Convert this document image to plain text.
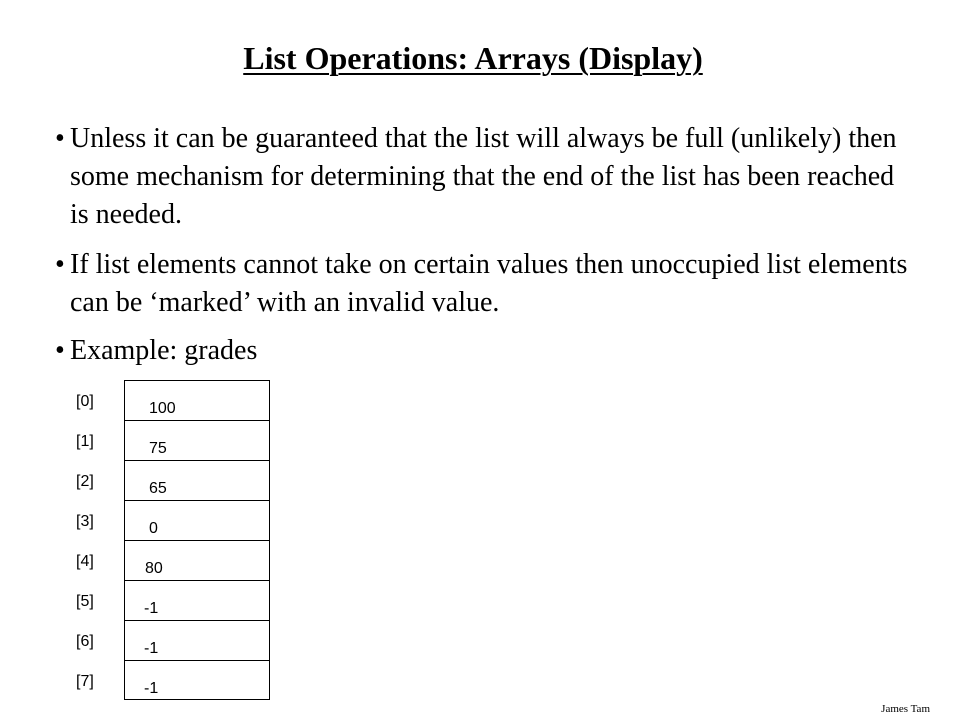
List Operations: Arrays (Display)
• Unless it can be guaranteed that the list will always be full (unlikely) then some mechanism for determining that the end of the list has been reached is needed.
• If list elements cannot take on certain values then unoccupied list elements can be ‘marked’ with an invalid value.
• Example: grades
[0]
[1]
[2]
[3]
[4]
[5]
[6]
[7]
100
75
65
0
80
-1
-1
-1
James Tam
